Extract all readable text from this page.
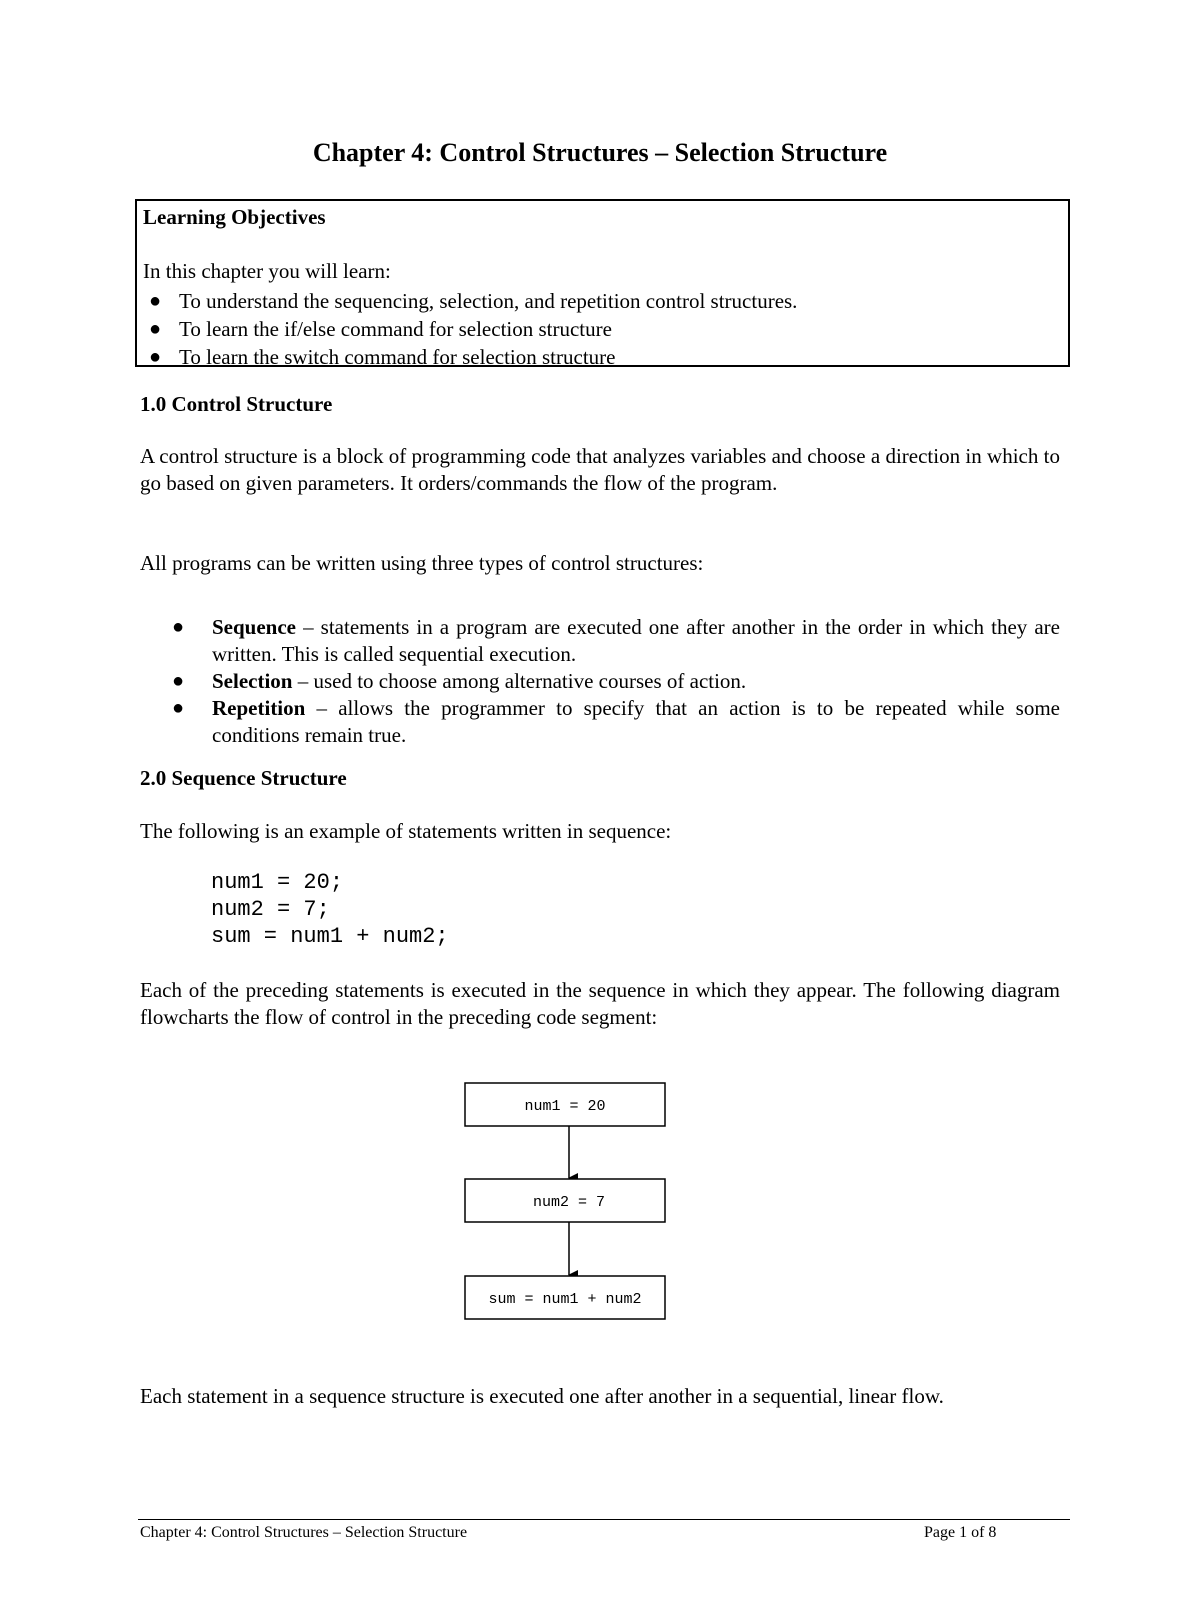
Chapter 4: Control Structures – Selection Structure
Learning Objectives
In this chapter you will learn:
● To understand the sequencing, selection, and repetition control structures.
● To learn the if/else command for selection structure
● To learn the switch command for selection structure
1.0 Control Structure

A control structure is a block of programming code that analyzes variables and choose a direction in which to go based on given parameters. It orders/commands the flow of the program.

All programs can be written using three types of control structures:

● Sequence – statements in a program are executed one after another in the order in which they are written. This is called sequential execution.
● Selection – used to choose among alternative courses of action.
● Repetition – allows the programmer to specify that an action is to be repeated while some conditions remain true.
2.0 Sequence Structure

The following is an example of statements written in sequence:

num1 = 20;
num2 = 7;
sum = num1 + num2;

Each of the preceding statements is executed in the sequence in which they appear. The following diagram flowcharts the flow of control in the preceding code segment:

num1 = 20
num2 = 7
sum = num1 + num2

Each statement in a sequence structure is executed one after another in a sequential, linear flow.

Chapter 4: Control Structures – Selection Structure	Page 1 of 8
